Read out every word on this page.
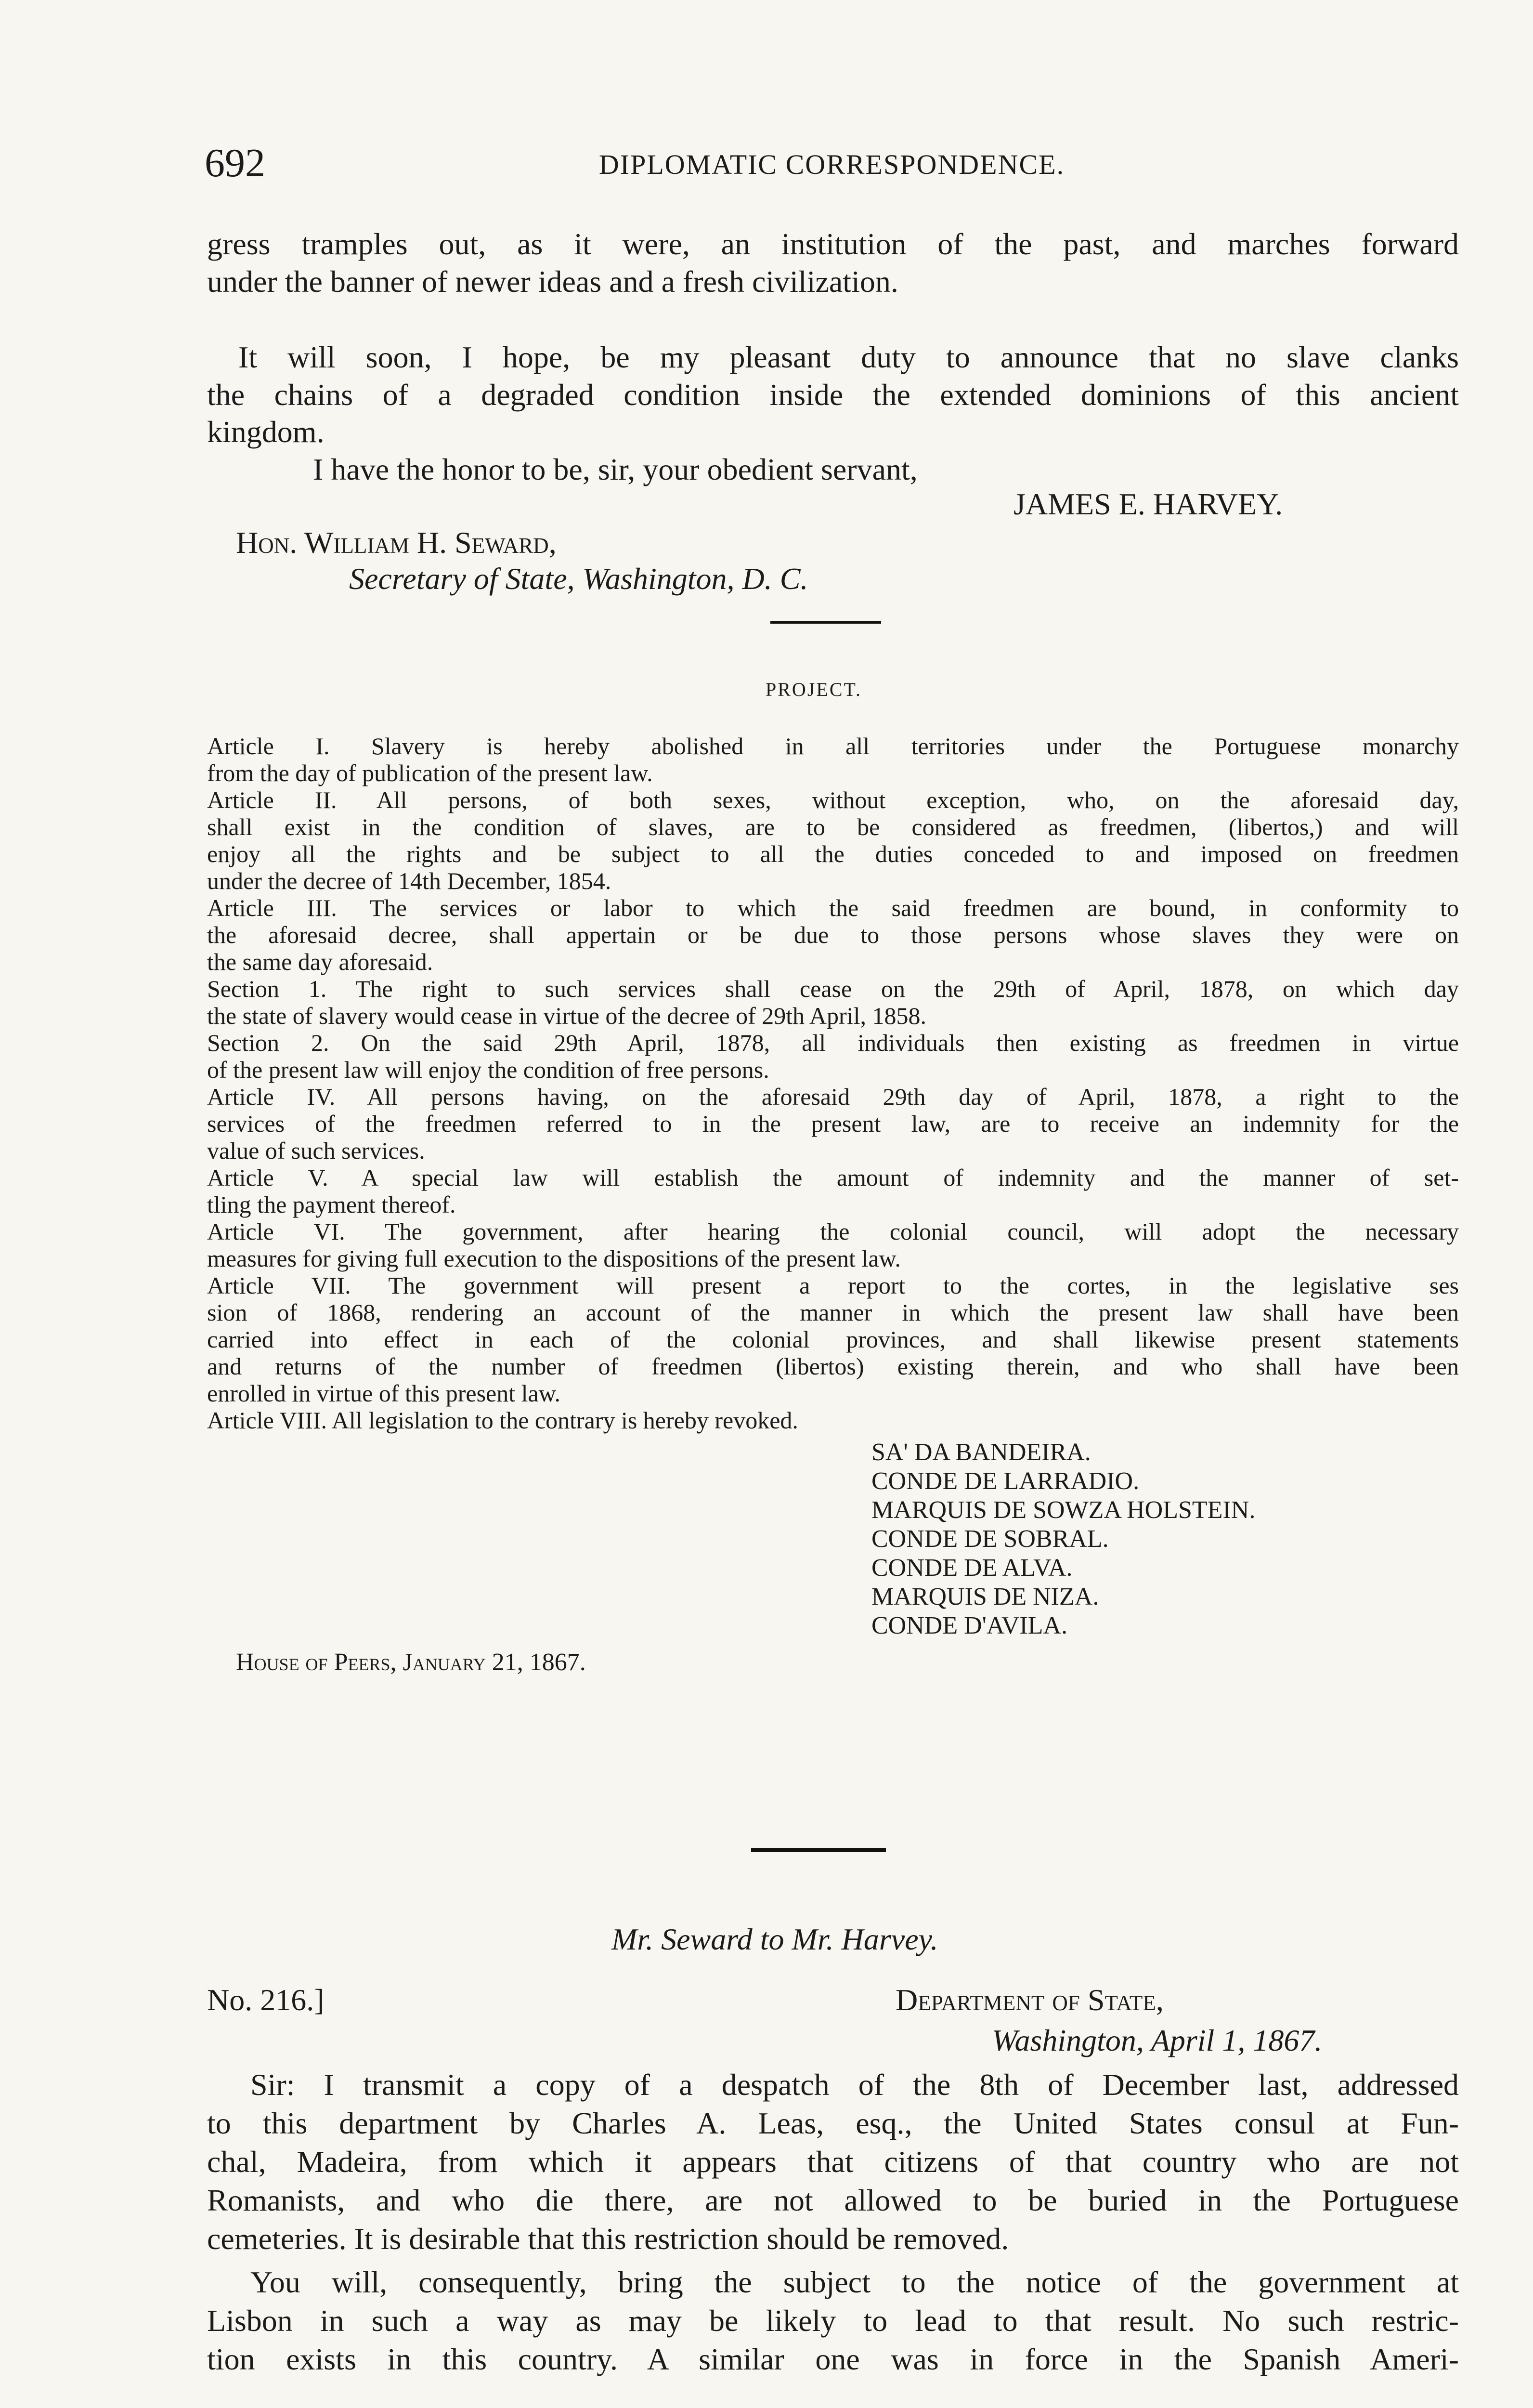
692	DIPLOMATIC CORRESPONDENCE.
gress tramples out, as it were, an institution of the past, and marches forward
under the banner of newer ideas and a fresh civilization.
It will soon, I hope, be my pleasant duty to announce that no slave clanks
the chains of a degraded condition inside the extended dominions of this ancient
kingdom.
I have the honor to be, sir, your obedient servant,
JAMES E. HARVEY.
Hon. William H. Seward,
Secretary of State, Washington, D. C.
PROJECT.
Article I. Slavery is hereby abolished in all territories under the Portuguese monarchy
from the day of publication of the present law.
Article II. All persons, of both sexes, without exception, who, on the aforesaid day,
shall exist in the condition of slaves, are to be considered as freedmen, (libertos,) and will
enjoy all the rights and be subject to all the duties conceded to and imposed on freedmen
under the decree of 14th December, 1854.
Article III. The services or labor to which the said freedmen are bound, in conformity to
the aforesaid decree, shall appertain or be due to those persons whose slaves they were on
the same day aforesaid.
Section 1. The right to such services shall cease on the 29th of April, 1878, on which day
the state of slavery would cease in virtue of the decree of 29th April, 1858.
Section 2. On the said 29th April, 1878, all individuals then existing as freedmen in virtue
of the present law will enjoy the condition of free persons.
Article IV. All persons having, on the aforesaid 29th day of April, 1878, a right to the
services of the freedmen referred to in the present law, are to receive an indemnity for the
value of such services.
Article V. A special law will establish the amount of indemnity and the manner of set-
tling the payment thereof.
Article VI. The government, after hearing the colonial council, will adopt the necessary
measures for giving full execution to the dispositions of the present law.
Article VII. The government will present a report to the cortes, in the legislative ses
sion of 1868, rendering an account of the manner in which the present law shall have been
carried into effect in each of the colonial provinces, and shall likewise present statements
and returns of the number of freedmen (libertos) existing therein, and who shall have been
enrolled in virtue of this present law.
Article VIII. All legislation to the contrary is hereby revoked.
SA' DA BANDEIRA.
CONDE DE LARRADIO.
MARQUIS DE SOWZA HOLSTEIN.
CONDE DE SOBRAL.
CONDE DE ALVA.
MARQUIS DE NIZA.
CONDE D'AVILA.
House of Peers, January 21, 1867.
Mr. Seward to Mr. Harvey.
No. 216.]	Department of State,
Washington, April 1, 1867.
Sir: I transmit a copy of a despatch of the 8th of December last, addressed
to this department by Charles A. Leas, esq., the United States consul at Fun-
chal, Madeira, from which it appears that citizens of that country who are not
Romanists, and who die there, are not allowed to be buried in the Portuguese
cemeteries. It is desirable that this restriction should be removed.
You will, consequently, bring the subject to the notice of the government at
Lisbon in such a way as may be likely to lead to that result. No such restric-
tion exists in this country. A similar one was in force in the Spanish Ameri-
